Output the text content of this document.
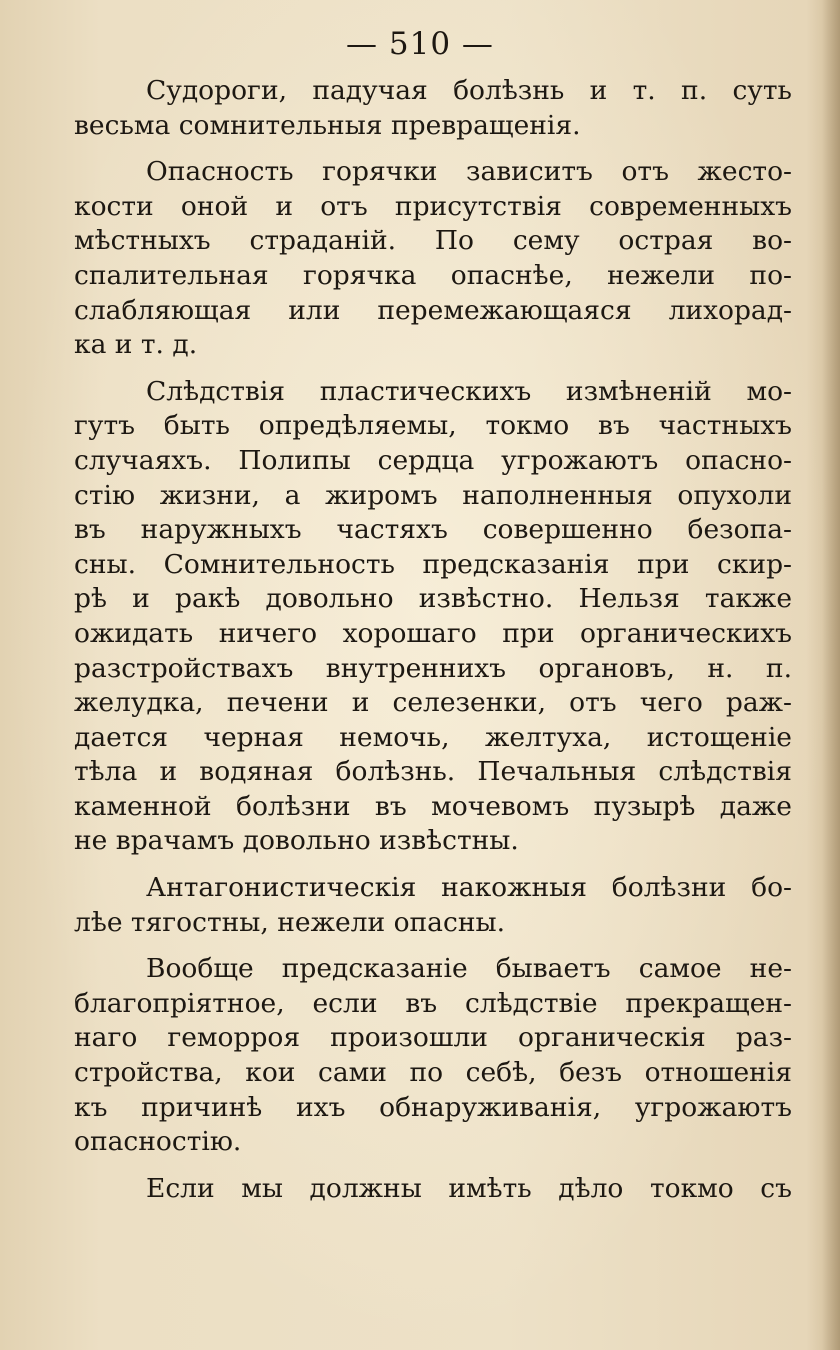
— 510 —

Судороги, падучая болѣзнь и т. п. суть
весьма сомнительныя превращенія.
Опасность горячки зависитъ отъ жесто-
кости оной и отъ присутствія современныхъ
мѣстныхъ страданій. По сему острая во-
спалительная горячка опаснѣе, нежели по-
слабляющая или перемежающаяся лихорад-
ка и т. д.
Слѣдствія пластическихъ измѣненій мо-
гутъ быть опредѣляемы, токмо въ частныхъ
случаяхъ. Полипы сердца угрожаютъ опасно-
стію жизни, а жиромъ наполненныя опухоли
въ наружныхъ частяхъ совершенно безопа-
сны. Сомнительность предсказанія при скир-
рѣ и ракѣ довольно извѣстно. Нельзя также
ожидать ничего хорошаго при органическихъ
разстройствахъ внутреннихъ органовъ, н. п.
желудка, печени и селезенки, отъ чего раж-
дается черная немочь, желтуха, истощеніе
тѣла и водяная болѣзнь. Печальныя слѣдствія
каменной болѣзни въ мочевомъ пузырѣ даже
не врачамъ довольно извѣстны.
Антагонистическія накожныя болѣзни бо-
лѣе тягостны, нежели опасны.
Вообще предсказаніе бываетъ самое не-
благопріятное, если въ слѣдствіе прекращен-
наго геморроя произошли органическія раз-
стройства, кои сами по себѣ, безъ отношенія
къ причинѣ ихъ обнаруживанія, угрожаютъ
опасностію.
Если мы должны имѣть дѣло токмо съ
